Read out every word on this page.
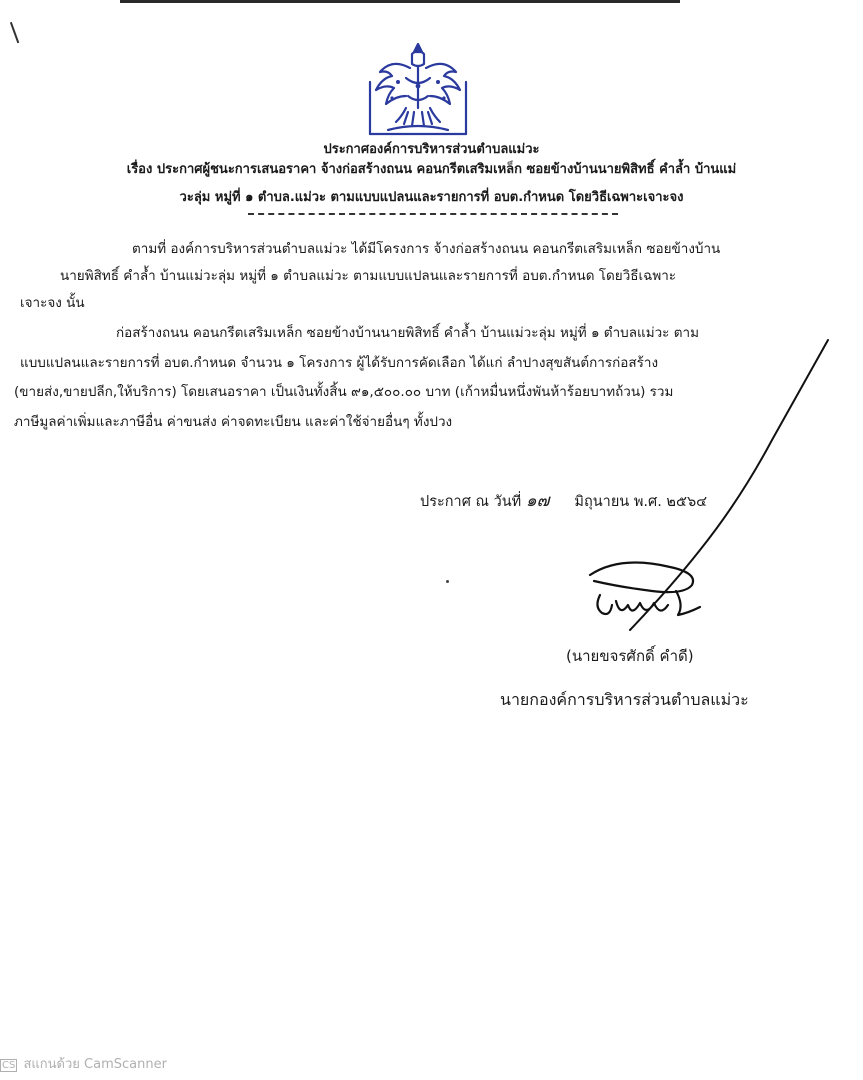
ประกาศองค์การบริหารส่วนตำบลแม่วะ
เรื่อง ประกาศผู้ชนะการเสนอราคา จ้างก่อสร้างถนน คอนกรีตเสริมเหล็ก ซอยข้างบ้านนายพิสิทธิ์ คำล้ำ บ้านแม่
วะลุ่ม หมู่ที่ ๑ ตำบล.แม่วะ ตามแบบแปลนและรายการที่ อบต.กำหนด โดยวิธีเฉพาะเจาะจง
ตามที่ องค์การบริหารส่วนตำบลแม่วะ ได้มีโครงการ จ้างก่อสร้างถนน คอนกรีตเสริมเหล็ก ซอยข้างบ้าน
นายพิสิทธิ์ คำล้ำ บ้านแม่วะลุ่ม หมู่ที่ ๑ ตำบลแม่วะ ตามแบบแปลนและรายการที่ อบต.กำหนด โดยวิธีเฉพาะ
เจาะจง นั้น
ก่อสร้างถนน คอนกรีตเสริมเหล็ก ซอยข้างบ้านนายพิสิทธิ์ คำล้ำ บ้านแม่วะลุ่ม หมู่ที่ ๑ ตำบลแม่วะ ตาม
แบบแปลนและรายการที่ อบต.กำหนด จำนวน ๑ โครงการ ผู้ได้รับการคัดเลือก ได้แก่ ลำปางสุขสันต์การก่อสร้าง
(ขายส่ง,ขายปลีก,ให้บริการ) โดยเสนอราคา เป็นเงินทั้งสิ้น ๙๑,๕๐๐.๐๐ บาท (เก้าหมื่นหนึ่งพันห้าร้อยบาทถ้วน) รวม
ภาษีมูลค่าเพิ่มและภาษีอื่น ค่าขนส่ง ค่าจดทะเบียน และค่าใช้จ่ายอื่นๆ ทั้งปวง
ประกาศ ณ วันที่ ๑๗ มิถุนายน พ.ศ. ๒๕๖๔
(นายขจรศักดิ์ คำดี)
นายกองค์การบริหารส่วนตำบลแม่วะ
CS สแกนด้วย CamScanner
